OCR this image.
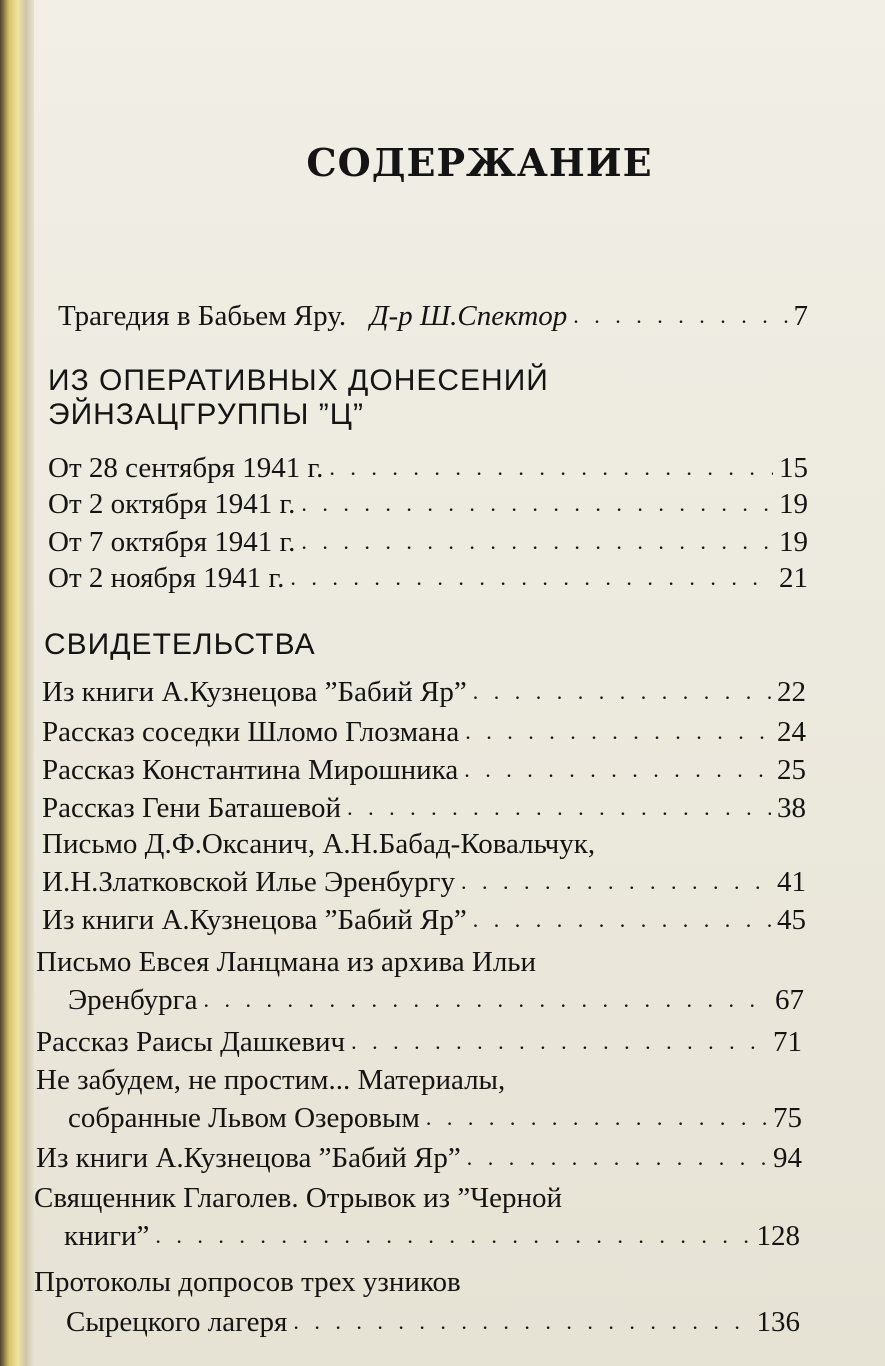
СОДЕРЖАНИЕ
Трагедия в Бабьем Яру. Д-р Ш.Спектор . . .	7
ИЗ ОПЕРАТИВНЫХ ДОНЕСЕНИЙ
ЭЙНЗАЦГРУППЫ ”Ц”
От 28 сентября 1941 г. . . .	15
От 2 октября 1941 г. . . .	19
От 7 октября 1941 г. . . .	19
От 2 ноября 1941 г. . . .	21
СВИДЕТЕЛЬСТВА
Из книги А.Кузнецова ”Бабий Яр” . . .	22
Рассказ соседки Шломо Глозмана . . .	24
Рассказ Константина Мирошника . . .	25
Рассказ Гени Баташевой . . .	38
Письмо Д.Ф.Оксанич, А.Н.Бабад-Ковальчук,
И.Н.Златковской Илье Эренбургу . . .	41
Из книги А.Кузнецова ”Бабий Яр” . . .	45
Письмо Евсея Ланцмана из архива Ильи
Эренбурга . . .	67
Рассказ Раисы Дашкевич . . .	71
Не забудем, не простим... Материалы,
собранные Львом Озеровым . . .	75
Из книги А.Кузнецова ”Бабий Яр” . . .	94
Священник Глаголев. Отрывок из ”Черной
книги” . . .	128
Протоколы допросов трех узников
Сырецкого лагеря . . .	136
